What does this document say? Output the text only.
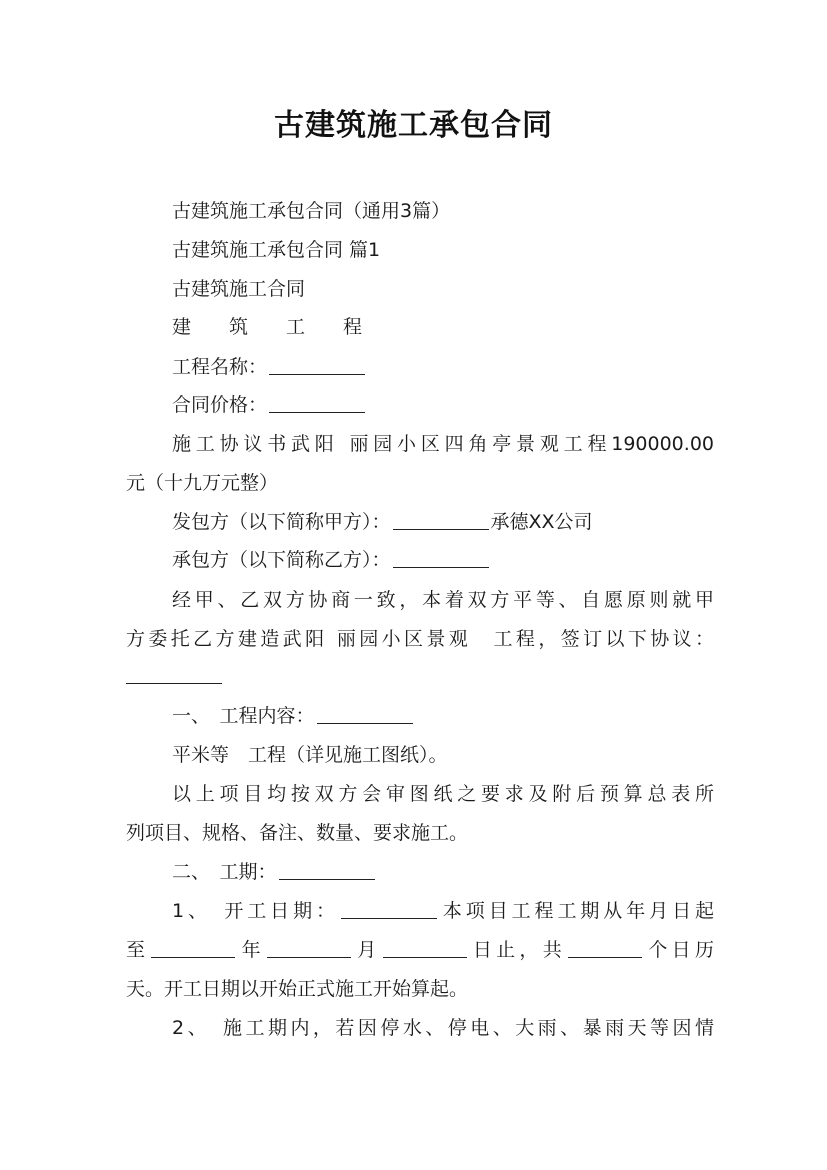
古建筑施工承包合同
古建筑施工承包合同（通用3篇）
古建筑施工承包合同 篇1
古建筑施工合同
建 筑 工 程
工程名称：
合同价格：
施工协议书武阳 丽园小区四角亭景观工程190000.00
元（十九万元整）
发包方（以下简称甲方）：	承德XX公司
承包方（以下简称乙方）：
经甲、乙双方协商一致，本着双方平等、自愿原则就甲
方委托乙方建造武阳 丽园小区景观　工程，签订以下协议：
一、　工程内容：
平米等　工程（详见施工图纸）。
以上项目均按双方会审图纸之要求及附后预算总表所
列项目、规格、备注、数量、要求施工。
二、　工期：
1、　开工日期：	本项目工程工期从年月日起
至	年	月	日止，共	个日历
天。开工日期以开始正式施工开始算起。
2、　施工期内，若因停水、停电、大雨、暴雨天等因情
